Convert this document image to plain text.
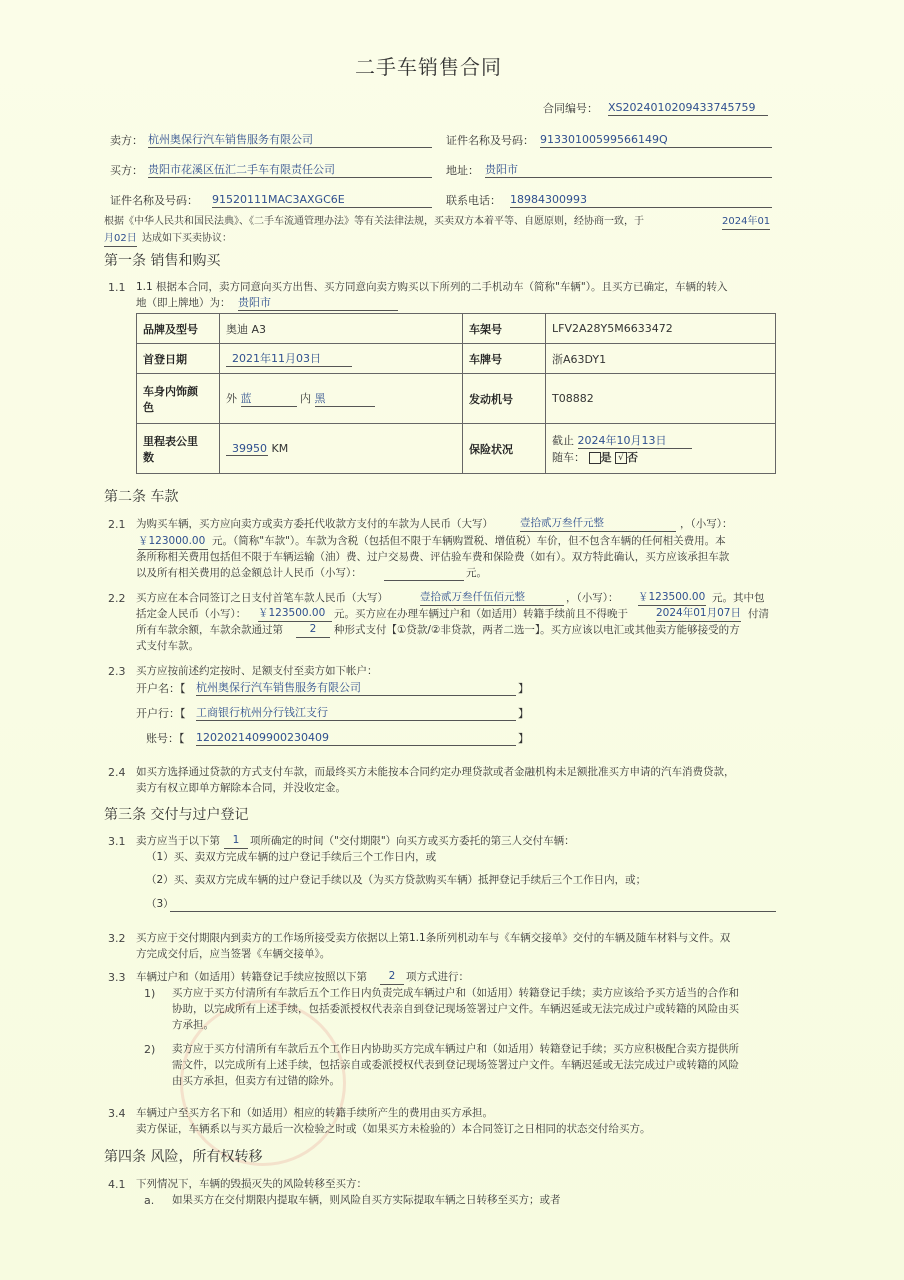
二手车销售合同
合同编号： XS2024010209433745759
卖方： 杭州奥保行汽车销售服务有限公司	证件名称及号码： 91330100599566149Q
买方： 贵阳市花溪区伍汇二手车有限责任公司	地址： 贵阳市
证件名称及号码： 91520111MAC3AXGC6E	联系电话： 18984300993
根据《中华人民共和国民法典》、《二手车流通管理办法》等有关法律法规，买卖双方本着平等、自愿原则，经协商一致，于	2024年01
月02日 达成如下买卖协议：
第一条 销售和购买
1.1 1.1 根据本合同，卖方同意向买方出售、买方同意向卖方购买以下所列的二手机动车（简称"车辆"）。且买方已确定，车辆的转入
地（即上牌地）为： 贵阳市
品牌及型号	奥迪 A3	车架号	LFV2A28Y5M6633472
首登日期	2021年11月03日	车牌号	浙A63DY1
车身内饰颜
色	外 蓝 内 黑	发动机号	T08882
里程表公里
数	39950 KM	保险状况	截止 2024年10月13日
随车： 是 √ 否
第二条 车款
2.1 为购买车辆，买方应向卖方或卖方委托代收款方支付的车款为人民币（大写）	壹拾贰万叁仟元整	，（小写）：
￥123000.00 元。（简称"车款"）。车款为含税（包括但不限于车辆购置税、增值税）车价，但不包含车辆的任何相关费用。本
条所称相关费用包括但不限于车辆运输（油）费、过户交易费、评估验车费和保险费（如有）。双方特此确认，买方应该承担车款
以及所有相关费用的总金额总计人民币（小写）：	元。
2.2 买方应在本合同签订之日支付首笔车款人民币（大写）	壹拾贰万叁仟伍佰元整	，（小写）： ￥123500.00 元。其中包
括定金人民币（小写）： ￥123500.00 元。买方应在办理车辆过户和（如适用）转籍手续前且不得晚于	2024年01月07日 付清
所有车款余额，车款余款通过第	2	种形式支付【①贷款/②非贷款，两者二选一】。买方应该以电汇或其他卖方能够接受的方
式支付车款。
2.3 买方应按前述约定按时、足额支付至卖方如下帐户：
开户名：【 杭州奥保行汽车销售服务有限公司	】
开户行：【 工商银行杭州分行钱江支行	】
账号：【 1202021409900230409	】
2.4 如买方选择通过贷款的方式支付车款，而最终买方未能按本合同约定办理贷款或者金融机构未足额批准买方申请的汽车消费贷款，
卖方有权立即单方解除本合同，并没收定金。
第三条 交付与过户登记
3.1 卖方应当于以下第	1	项所确定的时间（"交付期限"）向买方或买方委托的第三人交付车辆：
（1）买、卖双方完成车辆的过户登记手续后三个工作日内，或
（2）买、卖双方完成车辆的过户登记手续以及（为买方贷款购买车辆）抵押登记手续后三个工作日内，或；
（3）
3.2 买方应于交付期限内到卖方的工作场所接受卖方依据以上第1.1条所列机动车与《车辆交接单》交付的车辆及随车材料与文件。双
方完成交付后，应当签署《车辆交接单》。
3.3 车辆过户和（如适用）转籍登记手续应按照以下第	2	项方式进行：
1) 买方应于买方付清所有车款后五个工作日内负责完成车辆过户和（如适用）转籍登记手续；卖方应该给予买方适当的合作和
协助，以完成所有上述手续，包括委派授权代表亲自到登记现场签署过户文件。车辆迟延或无法完成过户或转籍的风险由买
方承担。
2) 卖方应于买方付清所有车款后五个工作日内协助买方完成车辆过户和（如适用）转籍登记手续；买方应积极配合卖方提供所
需文件，以完成所有上述手续，包括亲自或委派授权代表到登记现场签署过户文件。车辆迟延或无法完成过户或转籍的风险
由买方承担，但卖方有过错的除外。
3.4 车辆过户至买方名下和（如适用）相应的转籍手续所产生的费用由买方承担。
卖方保证，车辆系以与买方最后一次检验之时或（如果买方未检验的）本合同签订之日相同的状态交付给买方。
第四条 风险，所有权转移
4.1 下列情况下，车辆的毁损灭失的风险转移至买方：
a. 如果买方在交付期限内提取车辆，则风险自买方实际提取车辆之日转移至买方；或者
